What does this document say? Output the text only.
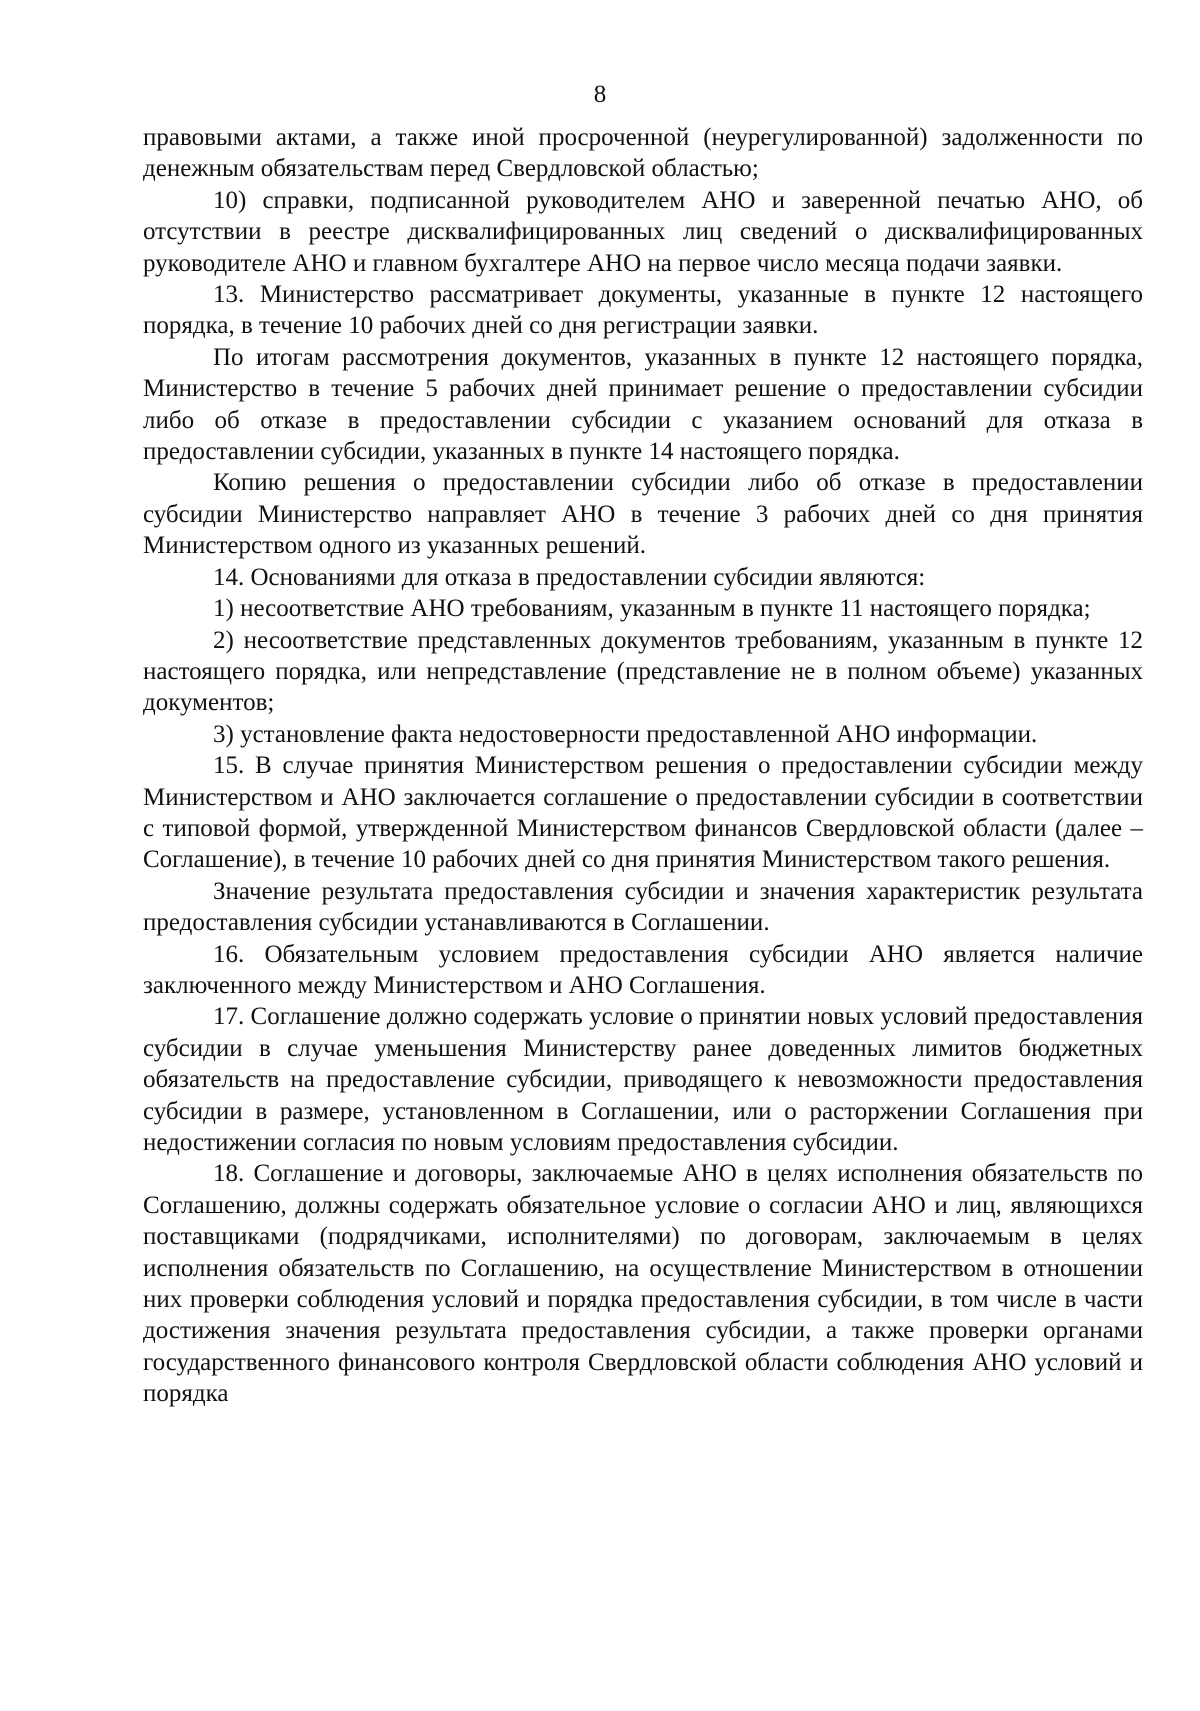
8

правовыми актами, а также иной просроченной (неурегулированной) задолженности по денежным обязательствам перед Свердловской областью;

10) справки, подписанной руководителем АНО и заверенной печатью АНО, об отсутствии в реестре дисквалифицированных лиц сведений о дисквалифицированных руководителе АНО и главном бухгалтере АНО на первое число месяца подачи заявки.

13. Министерство рассматривает документы, указанные в пункте 12 настоящего порядка, в течение 10 рабочих дней со дня регистрации заявки.

По итогам рассмотрения документов, указанных в пункте 12 настоящего порядка, Министерство в течение 5 рабочих дней принимает решение о предоставлении субсидии либо об отказе в предоставлении субсидии с указанием оснований для отказа в предоставлении субсидии, указанных в пункте 14 настоящего порядка.

Копию решения о предоставлении субсидии либо об отказе в предоставлении субсидии Министерство направляет АНО в течение 3 рабочих дней со дня принятия Министерством одного из указанных решений.

14. Основаниями для отказа в предоставлении субсидии являются:

1) несоответствие АНО требованиям, указанным в пункте 11 настоящего порядка;

2) несоответствие представленных документов требованиям, указанным в пункте 12 настоящего порядка, или непредставление (представление не в полном объеме) указанных документов;

3) установление факта недостоверности предоставленной АНО информации.

15. В случае принятия Министерством решения о предоставлении субсидии между Министерством и АНО заключается соглашение о предоставлении субсидии в соответствии с типовой формой, утвержденной Министерством финансов Свердловской области (далее – Соглашение), в течение 10 рабочих дней со дня принятия Министерством такого решения.

Значение результата предоставления субсидии и значения характеристик результата предоставления субсидии устанавливаются в Соглашении.

16. Обязательным условием предоставления субсидии АНО является наличие заключенного между Министерством и АНО Соглашения.

17. Соглашение должно содержать условие о принятии новых условий предоставления субсидии в случае уменьшения Министерству ранее доведенных лимитов бюджетных обязательств на предоставление субсидии, приводящего к невозможности предоставления субсидии в размере, установленном в Соглашении, или о расторжении Соглашения при недостижении согласия по новым условиям предоставления субсидии.

18. Соглашение и договоры, заключаемые АНО в целях исполнения обязательств по Соглашению, должны содержать обязательное условие о согласии АНО и лиц, являющихся поставщиками (подрядчиками, исполнителями) по договорам, заключаемым в целях исполнения обязательств по Соглашению, на осуществление Министерством в отношении них проверки соблюдения условий и порядка предоставления субсидии, в том числе в части достижения значения результата предоставления субсидии, а также проверки органами государственного финансового контроля Свердловской области соблюдения АНО условий и порядка
